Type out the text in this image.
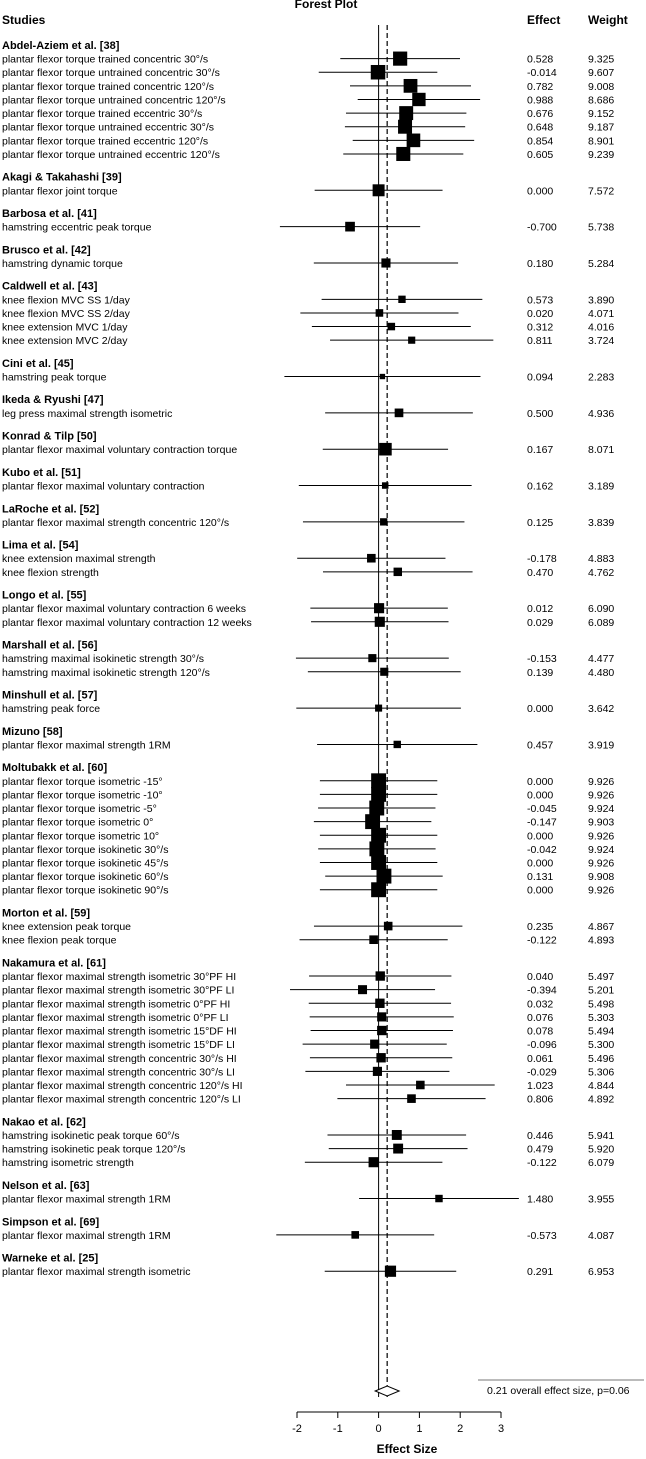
Forest Plot
Studies	Effect Weight
Abdel-Aziem et al. [38]
plantar flexor torque trained concentric 30°/s	0.528	9.325
plantar flexor torque untrained concentric 30°/s	-0.014	9.607
plantar flexor torque trained concentric 120°/s	0.782	9.008
plantar flexor torque untrained concentric 120°/s	0.988	8.686
plantar flexor torque trained eccentric 30°/s	0.676	9.152
plantar flexor torque untrained eccentric 30°/s	0.648	9.187
plantar flexor torque trained eccentric 120°/s	0.854	8.901
plantar flexor torque untrained eccentric 120°/s	0.605	9.239
Akagi & Takahashi [39]
plantar flexor joint torque	0.000	7.572
Barbosa et al. [41]
hamstring eccentric peak torque	-0.700	5.738
Brusco et al. [42]
hamstring dynamic torque	0.180	5.284
Caldwell et al. [43]
knee flexion MVC SS 1/day	0.573	3.890
knee flexion MVC SS 2/day	0.020	4.071
knee extension MVC 1/day	0.312	4.016
knee extension MVC 2/day	0.811	3.724
Cini et al. [45]
hamstring peak torque	0.094	2.283
Ikeda & Ryushi [47]
leg press maximal strength isometric	0.500	4.936
Konrad & Tilp [50]
plantar flexor maximal voluntary contraction torque	0.167	8.071
Kubo et al. [51]
plantar flexor maximal voluntary contraction	0.162	3.189
LaRoche et al. [52]
plantar flexor maximal strength concentric 120°/s	0.125	3.839
Lima et al. [54]
knee extension maximal strength	-0.178	4.883
knee flexion strength	0.470	4.762
Longo et al. [55]
plantar flexor maximal voluntary contraction 6 weeks	0.012	6.090
plantar flexor maximal voluntary contraction 12 weeks	0.029	6.089
Marshall et al. [56]
hamstring maximal isokinetic strength 30°/s	-0.153	4.477
hamstring maximal isokinetic strength 120°/s	0.139	4.480
Minshull et al. [57]
hamstring peak force	0.000	3.642
Mizuno [58]
plantar flexor maximal strength 1RM	0.457	3.919
Moltubakk et al. [60]
plantar flexor torque isometric -15°	0.000	9.926
plantar flexor torque isometric -10°	0.000	9.926
plantar flexor torque isometric -5°	-0.045	9.924
plantar flexor torque isometric 0°	-0.147	9.903
plantar flexor torque isometric 10°	0.000	9.926
plantar flexor torque isokinetic 30°/s	-0.042	9.924
plantar flexor torque isokinetic 45°/s	0.000	9.926
plantar flexor torque isokinetic 60°/s	0.131	9.908
plantar flexor torque isokinetic 90°/s	0.000	9.926
Morton et al. [59]
knee extension peak torque	0.235	4.867
knee flexion peak torque	-0.122	4.893
Nakamura et al. [61]
plantar flexor maximal strength isometric 30°PF HI	0.040	5.497
plantar flexor maximal strength isometric 30°PF LI	-0.394	5.201
plantar flexor maximal strength isometric 0°PF HI	0.032	5.498
plantar flexor maximal strength isometric 0°PF LI	0.076	5.303
plantar flexor maximal strength isometric 15°DF HI	0.078	5.494
plantar flexor maximal strength isometric 15°DF LI	-0.096	5.300
plantar flexor maximal strength concentric 30°/s HI	0.061	5.496
plantar flexor maximal strength concentric 30°/s LI	-0.029	5.306
plantar flexor maximal strength concentric 120°/s HI	1.023	4.844
plantar flexor maximal strength concentric 120°/s LI	0.806	4.892
Nakao et al. [62]
hamstring isokinetic peak torque 60°/s	0.446	5.941
hamstring isokinetic peak torque 120°/s	0.479	5.920
hamstring isometric strength	-0.122	6.079
Nelson et al. [63]
plantar flexor maximal strength 1RM	1.480	3.955
Simpson et al. [69]
plantar flexor maximal strength 1RM	-0.573	4.087
Warneke et al. [25]
plantar flexor maximal strength isometric	0.291	6.953
-2	-1	0	1	2	3
Effect Size
0.21 overall effect size, p=0.06
